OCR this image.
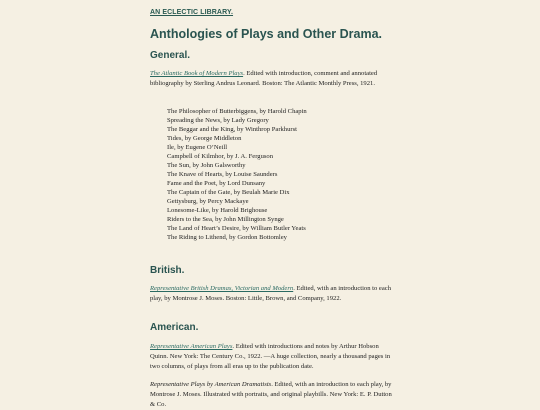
AN ECLECTIC LIBRARY.
Anthologies of Plays and Other Drama.
General.

The Atlantic Book of Modern Plays. Edited with introduction, comment and annotated bibliography by Sterling Andrus Leonard. Boston: The Atlantic Monthly Press, 1921.

The Philosopher of Butterbiggens, by Harold Chapin
Spreading the News, by Lady Gregory
The Beggar and the King, by Winthrop Parkhurst
Tides, by George Middleton
Ile, by Eugene O’Neill
Campbell of Kilmhor, by J. A. Ferguson
The Sun, by John Galsworthy
The Knave of Hearts, by Louise Saunders
Fame and the Poet, by Lord Dunsany
The Captain of the Gate, by Beulah Marie Dix
Gettysburg, by Percy Mackaye
Lonesome-Like, by Harold Brighouse
Riders to the Sea, by John Millington Synge
The Land of Heart’s Desire, by William Butler Yeats
The Riding to Lithend, by Gordon Bottomley
British.

Representative British Dramas, Victorian and Modern. Edited, with an introduction to each play, by Montrose J. Moses. Boston: Little, Brown, and Company, 1922.

American.

Representative American Plays. Edited with introductions and notes by Arthur Hobson Quinn. New York: The Century Co., 1922. —A huge collection, nearly a thousand pages in two columns, of plays from all eras up to the publication date.

Representative Plays by American Dramatists. Edited, with an introduction to each play, by Montrose J. Moses. Illustrated with portraits, and original playbills. New York: E. P. Dutton & Co.
